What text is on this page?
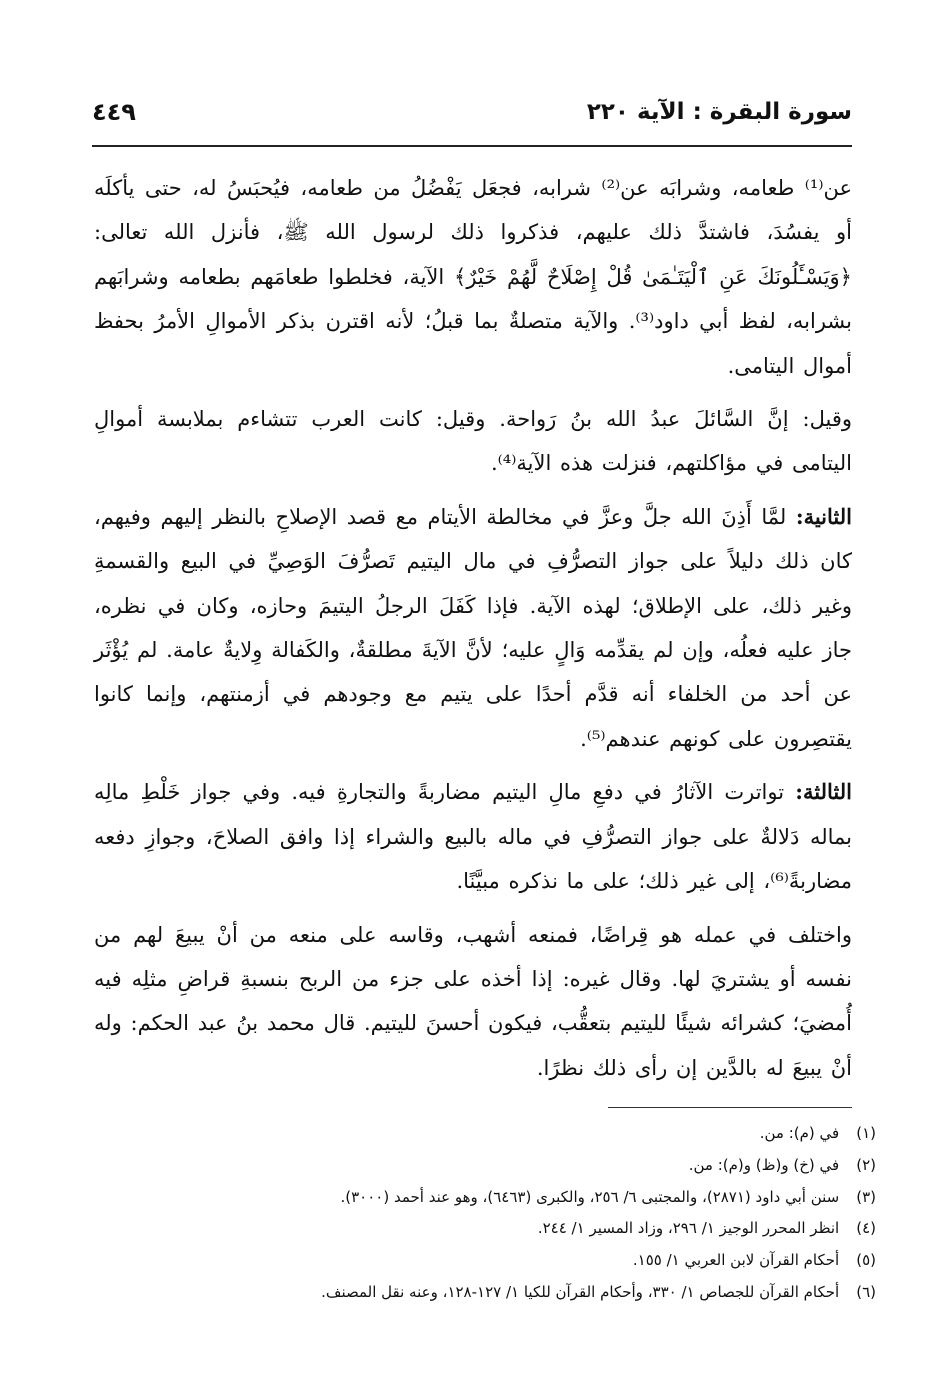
سورة البقرة : الآية ٢٢٠
٤٤٩

عن⁽¹⁾ طعامه، وشرابَه عن⁽²⁾ شرابه، فجعَل يَفْضُلُ من طعامه، فيُحبَسُ له، حتى يأكلَه أو يفسُدَ، فاشتدَّ ذلك عليهم، فذكروا ذلك لرسول الله ﷺ، فأنزل الله تعالى: ﴿وَيَسْـَٔلُونَكَ عَنِ ٱلْيَتَـٰمَىٰ قُلْ إِصْلَاحٌ لَّهُمْ خَيْرٌ﴾ الآية، فخلطوا طعامَهم بطعامه وشرابَهم بشرابه، لفظ أبي داود⁽³⁾. والآية متصلةٌ بما قبلُ؛ لأنه اقترن بذكر الأموالِ الأمرُ بحفظ أموال اليتامى.

وقيل: إنَّ السَّائلَ عبدُ الله بنُ رَواحة. وقيل: كانت العرب تتشاءم بملابسة أموالِ اليتامى في مؤاكلتهم، فنزلت هذه الآية⁽⁴⁾.

الثانية: لمَّا أَذِنَ الله جلَّ وعزَّ في مخالطة الأيتام مع قصد الإصلاحِ بالنظر إليهم وفيهم، كان ذلك دليلاً على جواز التصرُّفِ في مال اليتيم تَصرُّفَ الوَصِيِّ في البيع والقسمةِ وغير ذلك، على الإطلاق؛ لهذه الآية. فإذا كَفَلَ الرجلُ اليتيمَ وحازه، وكان في نظره، جاز عليه فعلُه، وإن لم يقدِّمه وَالٍ عليه؛ لأنَّ الآيةَ مطلقةٌ، والكَفالة وِلايةٌ عامة. لم يُؤْثَر عن أحد من الخلفاء أنه قدَّم أحدًا على يتيم مع وجودهم في أزمنتهم، وإنما كانوا يقتصِرون على كونهم عندهم⁽⁵⁾.

الثالثة: تواترت الآثارُ في دفعِ مالِ اليتيم مضاربةً والتجارةِ فيه. وفي جواز خَلْطِ مالِه بماله دَلالةٌ على جواز التصرُّفِ في ماله بالبيع والشراء إذا وافق الصلاحَ، وجوازِ دفعه مضاربةً⁽⁶⁾، إلى غير ذلك؛ على ما نذكره مبيَّنًا.

واختلف في عمله هو قِراضًا، فمنعه أشهب، وقاسه على منعه من أنْ يبيعَ لهم من نفسه أو يشتريَ لها. وقال غيره: إذا أخذه على جزء من الربح بنسبةِ قراضِ مثلِه فيه أُمضيَ؛ كشرائه شيئًا لليتيم بتعقُّب، فيكون أحسنَ لليتيم. قال محمد بنُ عبد الحكم: وله أنْ يبيعَ له بالدَّين إن رأى ذلك نظرًا.

(١) في (م): من.
(٢) في (خ) و(ظ) و(م): من.
(٣) سنن أبي داود (٢٨٧١)، والمجتبى ٦/ ٢٥٦، والكبرى (٦٤٦٣)، وهو عند أحمد (٣٠٠٠).
(٤) انظر المحرر الوجيز ١/ ٢٩٦، وزاد المسير ١/ ٢٤٤.
(٥) أحكام القرآن لابن العربي ١/ ١٥٥.
(٦) أحكام القرآن للجصاص ١/ ٣٣٠، وأحكام القرآن للكيا ١/ ١٢٧-١٢٨، وعنه نقل المصنف.
